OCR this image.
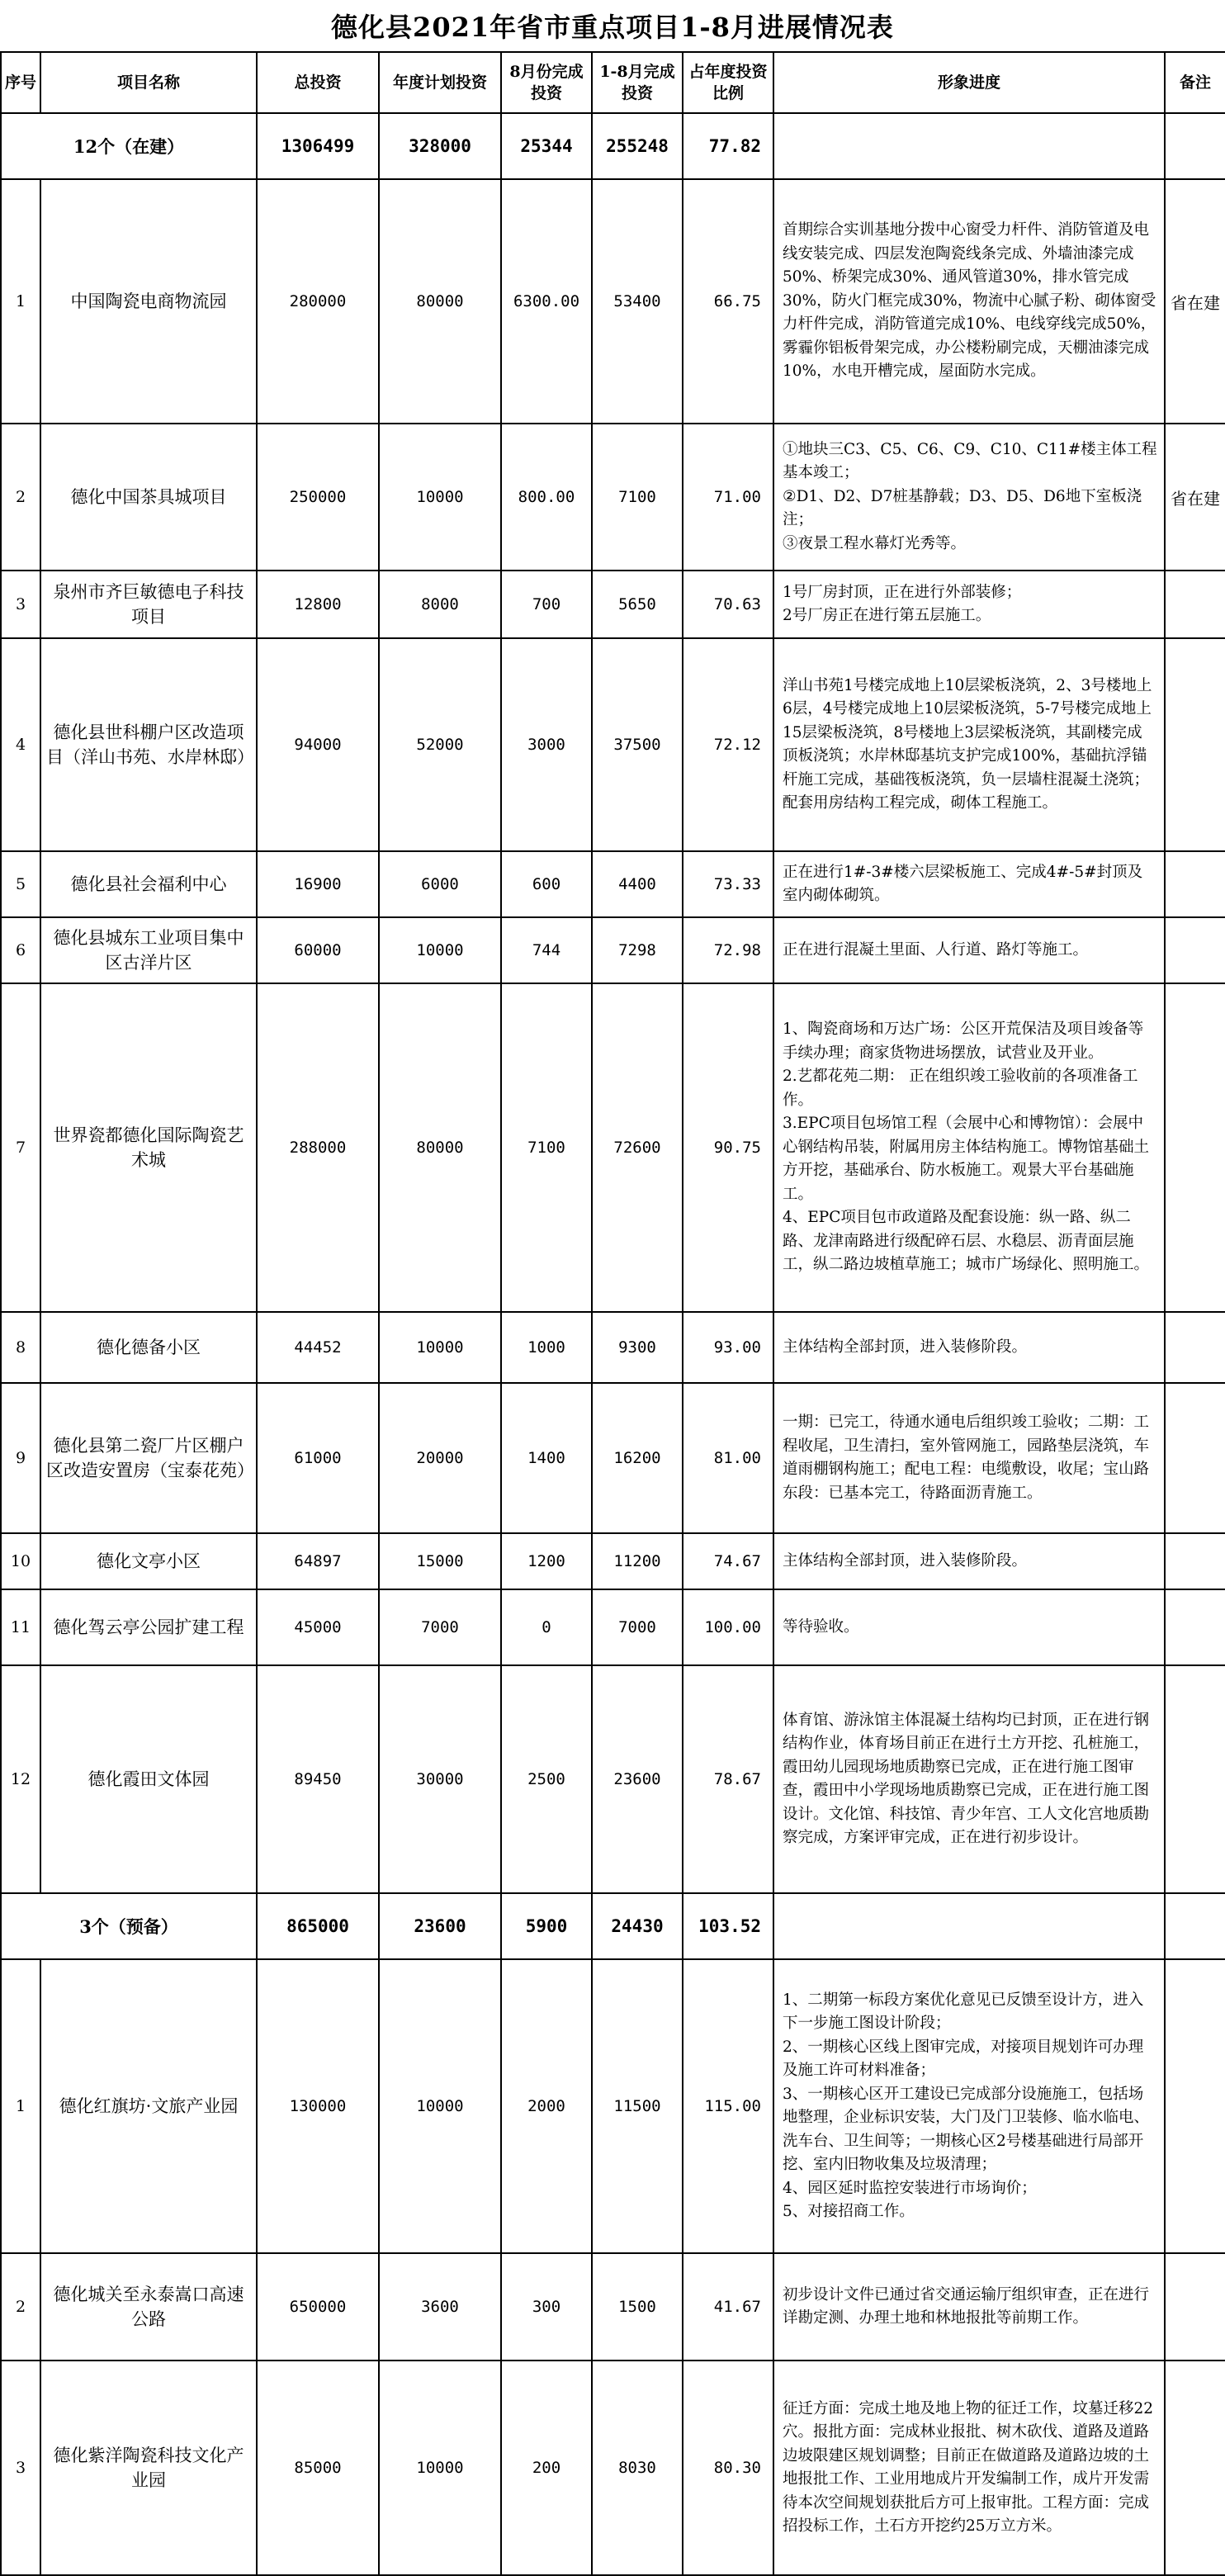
德化县2021年省市重点项目1-8月进展情况表
序号	项目名称	总投资	年度计划投资	8月份完成投资	1-8月完成投资	占年度投资比例	形象进度	备注
12个（在建）		1306499	328000	25344	255248	77.82		
1	中国陶瓷电商物流园	280000	80000	6300.00	53400	66.75	首期综合实训基地分拨中心窗受力杆件、消防管道及电线安装完成、四层发泡陶瓷线条完成、外墙油漆完成50%、桥架完成30%、通风管道30%，排水管完成30%，防火门框完成30%，物流中心腻子粉、砌体窗受力杆件完成，消防管道完成10%、电线穿线完成50%，雾霾你铝板骨架完成，办公楼粉刷完成，天棚油漆完成10%，水电开槽完成，屋面防水完成。	省在建
2	德化中国茶具城项目	250000	10000	800.00	7100	71.00	①地块三C3、C5、C6、C9、C10、C11#楼主体工程基本竣工；
②D1、D2、D7桩基静载；D3、D5、D6地下室板浇注；
③夜景工程水幕灯光秀等。	省在建
3	泉州市齐巨敏德电子科技项目	12800	8000	700	5650	70.63	1号厂房封顶，正在进行外部装修；
2号厂房正在进行第五层施工。	
4	德化县世科棚户区改造项目（洋山书苑、水岸林邸）	94000	52000	3000	37500	72.12	洋山书苑1号楼完成地上10层梁板浇筑，2、3号楼地上6层，4号楼完成地上10层梁板浇筑，5-7号楼完成地上15层梁板浇筑，8号楼地上3层梁板浇筑，其副楼完成顶板浇筑；水岸林邸基坑支护完成100%，基础抗浮锚杆施工完成，基础筏板浇筑，负一层墙柱混凝土浇筑；配套用房结构工程完成，砌体工程施工。	
5	德化县社会福利中心	16900	6000	600	4400	73.33	正在进行1#-3#楼六层梁板施工、完成4#-5#封顶及室内砌体砌筑。	
6	德化县城东工业项目集中区古洋片区	60000	10000	744	7298	72.98	正在进行混凝土里面、人行道、路灯等施工。	
7	世界瓷都德化国际陶瓷艺术城	288000	80000	7100	72600	90.75	1、陶瓷商场和万达广场：公区开荒保洁及项目竣备等手续办理；商家货物进场摆放，试营业及开业。
2.艺都花苑二期： 正在组织竣工验收前的各项准备工作。
3.EPC项目包场馆工程（会展中心和博物馆）：会展中心钢结构吊装，附属用房主体结构施工。博物馆基础土方开挖，基础承台、防水板施工。观景大平台基础施工。
4、EPC项目包市政道路及配套设施：纵一路、纵二路、龙津南路进行级配碎石层、水稳层、沥青面层施工，纵二路边坡植草施工；城市广场绿化、照明施工。	
8	德化德备小区	44452	10000	1000	9300	93.00	主体结构全部封顶，进入装修阶段。	
9	德化县第二瓷厂片区棚户区改造安置房（宝泰花苑）	61000	20000	1400	16200	81.00	一期：已完工，待通水通电后组织竣工验收；二期：工程收尾，卫生清扫，室外管网施工，园路垫层浇筑，车道雨棚钢构施工；配电工程：电缆敷设，收尾；宝山路东段：已基本完工，待路面沥青施工。	
10	德化文亭小区	64897	15000	1200	11200	74.67	主体结构全部封顶，进入装修阶段。	
11	德化驾云亭公园扩建工程	45000	7000	0	7000	100.00	等待验收。	
12	德化霞田文体园	89450	30000	2500	23600	78.67	体育馆、游泳馆主体混凝土结构均已封顶，正在进行钢结构作业，体育场目前正在进行土方开挖、孔桩施工，霞田幼儿园现场地质勘察已完成，正在进行施工图审查，霞田中小学现场地质勘察已完成，正在进行施工图设计。文化馆、科技馆、青少年宫、工人文化宫地质勘察完成，方案评审完成，正在进行初步设计。	
3个（预备）		865000	23600	5900	24430	103.52		
1	德化红旗坊·文旅产业园	130000	10000	2000	11500	115.00	1、二期第一标段方案优化意见已反馈至设计方，进入下一步施工图设计阶段；
2、一期核心区线上图审完成，对接项目规划许可办理及施工许可材料准备；
3、一期核心区开工建设已完成部分设施施工，包括场地整理，企业标识安装，大门及门卫装修、临水临电、洗车台、卫生间等；一期核心区2号楼基础进行局部开挖、室内旧物收集及垃圾清理；
4、园区延时监控安装进行市场询价；
5、对接招商工作。	
2	德化城关至永泰嵩口高速公路	650000	3600	300	1500	41.67	初步设计文件已通过省交通运输厅组织审查，正在进行详勘定测、办理土地和林地报批等前期工作。	
3	德化紫洋陶瓷科技文化产业园	85000	10000	200	8030	80.30	征迁方面：完成土地及地上物的征迁工作，坟墓迁移22穴。报批方面：完成林业报批、树木砍伐、道路及道路边坡限建区规划调整；目前正在做道路及道路边坡的土地报批工作、工业用地成片开发编制工作，成片开发需待本次空间规划获批后方可上报审批。工程方面：完成招投标工作，土石方开挖约25万立方米。	
